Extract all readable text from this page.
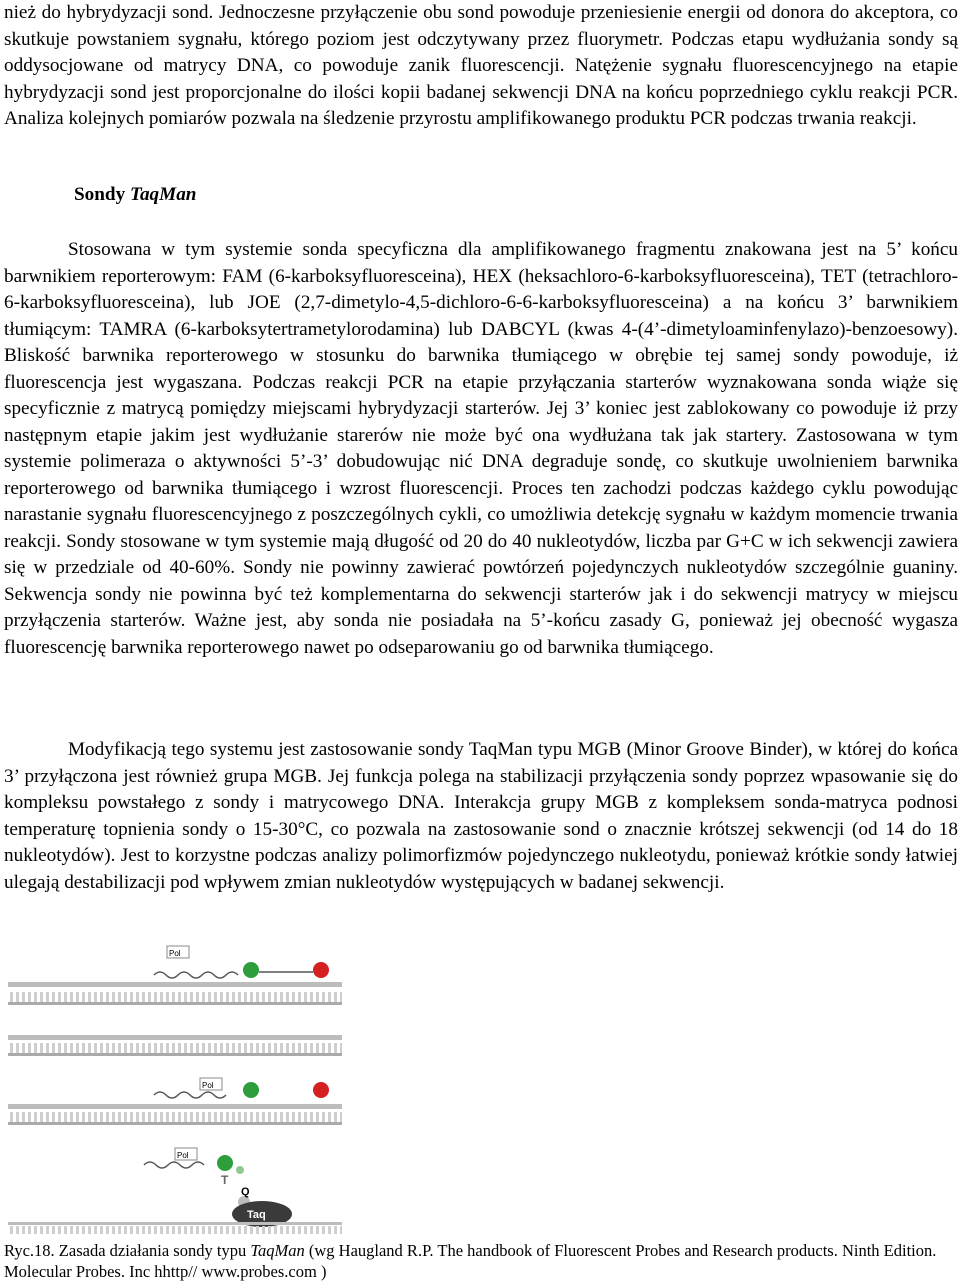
nież do hybrydyzacji sond. Jednoczesne przyłączenie obu sond powoduje przeniesienie energii od donora do akceptora, co skutkuje powstaniem sygnału, którego poziom jest odczytywany przez fluorymetr. Podczas etapu wydłużania sondy są oddysocjowane od matrycy DNA, co powoduje zanik fluorescencji. Natężenie sygnału fluorescencyjnego na etapie hybrydyzacji sond jest proporcjonalne do ilości kopii badanej sekwencji DNA na końcu poprzedniego cyklu reakcji PCR. Analiza kolejnych pomiarów pozwala na śledzenie przyrostu amplifikowanego produktu PCR podczas trwania reakcji.

Sondy TaqMan

Stosowana w tym systemie sonda specyficzna dla amplifikowanego fragmentu znakowana jest na 5’ końcu barwnikiem reporterowym: FAM (6-karboksyfluoresceina), HEX (heksachloro-6-karboksyfluoresceina), TET (tetrachloro-6-karboksyfluoresceina), lub JOE (2,7-dimetylo-4,5-dichloro-6-6-karboksyfluoresceina) a na końcu 3’ barwnikiem tłumiącym: TAMRA (6-karboksytertrametylorodamina) lub DABCYL (kwas 4-(4’-dimetyloaminfenylazo)-benzoesowy). Bliskość barwnika reporterowego w stosunku do barwnika tłumiącego w obrębie tej samej sondy powoduje, iż fluorescencja jest wygaszana. Podczas reakcji PCR na etapie przyłączania starterów wyznakowana sonda wiąże się specyficznie z matrycą pomiędzy miejscami hybrydyzacji starterów. Jej 3’ koniec jest zablokowany co powoduje iż przy następnym etapie jakim jest wydłużanie starerów nie może być ona wydłużana tak jak startery. Zastosowana w tym systemie polimeraza o aktywności 5’-3’ dobudowując nić DNA degraduje sondę, co skutkuje uwolnieniem barwnika reporterowego od barwnika tłumiącego i wzrost fluorescencji. Proces ten zachodzi podczas każdego cyklu powodując narastanie sygnału fluorescencyjnego z poszczególnych cykli, co umożliwia detekcję sygnału w każdym momencie trwania reakcji. Sondy stosowane w tym systemie mają długość od 20 do 40 nukleotydów, liczba par G+C w ich sekwencji zawiera się w przedziale od 40-60%. Sondy nie powinny zawierać powtórzeń pojedynczych nukleotydów szczególnie guaniny. Sekwencja sondy nie powinna być też komplementarna do sekwencji starterów jak i do sekwencji matrycy w miejscu przyłączenia starterów. Ważne jest, aby sonda nie posiadała na 5’-końcu zasady G, ponieważ jej obecność wygasza fluorescencję barwnika reporterowego nawet po odseparowaniu go od barwnika tłumiącego.

Modyfikacją tego systemu jest zastosowanie sondy TaqMan typu MGB (Minor Groove Binder), w której do końca 3’ przyłączona jest również grupa MGB. Jej funkcja polega na stabilizacji przyłączenia sondy poprzez wpasowanie się do kompleksu powstałego z sondy i matrycowego DNA. Interakcja grupy MGB z kompleksem sonda-matryca podnosi temperaturę topnienia sondy o 15-30°C, co pozwala na zastosowanie sond o znacznie krótszej sekwencji (od 14 do 18 nukleotydów). Jest to korzystne podczas analizy polimorfizmów pojedynczego nukleotydu, ponieważ krótkie sondy łatwiej ulegają destabilizacji pod wpływem zmian nukleotydów występujących w badanej sekwencji.

Pol
Pol
Pol
Q
T
Taq

Ryc.18. Zasada działania sondy typu TaqMan (wg Haugland R.P. The handbook of Fluorescent Probes and Research products. Ninth Edition. Molecular Probes. Inc hhttp// www.probes.com )
